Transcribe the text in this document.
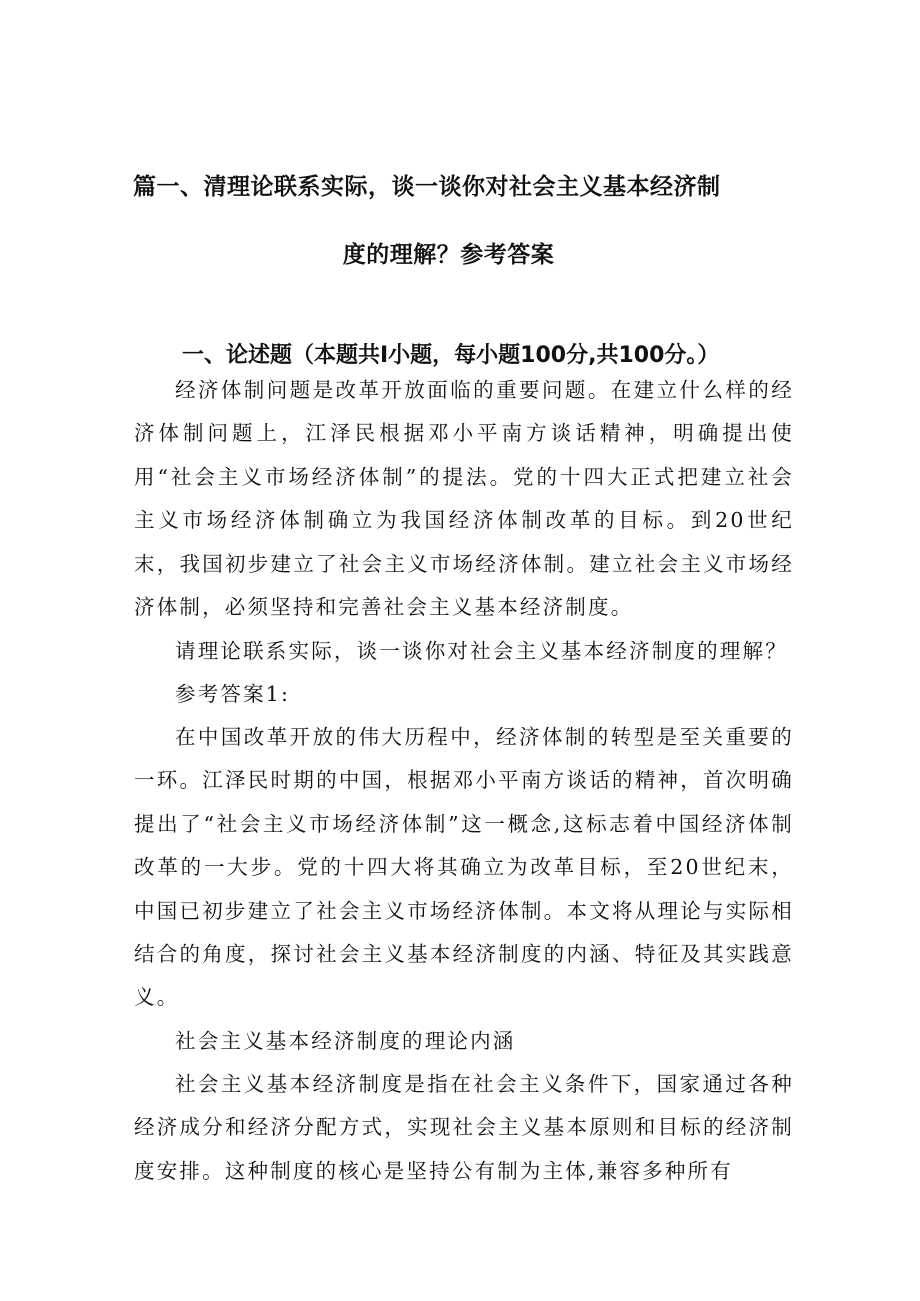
篇一、清理论联系实际，谈一谈你对社会主义基本经济制
度的理解？参考答案
一、论述题（本题共I小题，每小题100分,共100分。）

经济体制问题是改革开放面临的重要问题。在建立什么样的经济体制问题上，江泽民根据邓小平南方谈话精神，明确提出使用“社会主义市场经济体制”的提法。党的十四大正式把建立社会主义市场经济体制确立为我国经济体制改革的目标。到20世纪末，我国初步建立了社会主义市场经济体制。建立社会主义市场经济体制，必须坚持和完善社会主义基本经济制度。

请理论联系实际，谈一谈你对社会主义基本经济制度的理解？

参考答案1:

在中国改革开放的伟大历程中，经济体制的转型是至关重要的一环。江泽民时期的中国，根据邓小平南方谈话的精神，首次明确提出了“社会主义市场经济体制”这一概念,这标志着中国经济体制改革的一大步。党的十四大将其确立为改革目标，至20世纪末，中国已初步建立了社会主义市场经济体制。本文将从理论与实际相结合的角度，探讨社会主义基本经济制度的内涵、特征及其实践意义。

社会主义基本经济制度的理论内涵

社会主义基本经济制度是指在社会主义条件下，国家通过各种经济成分和经济分配方式，实现社会主义基本原则和目标的经济制度安排。这种制度的核心是坚持公有制为主体,兼容多种所有
